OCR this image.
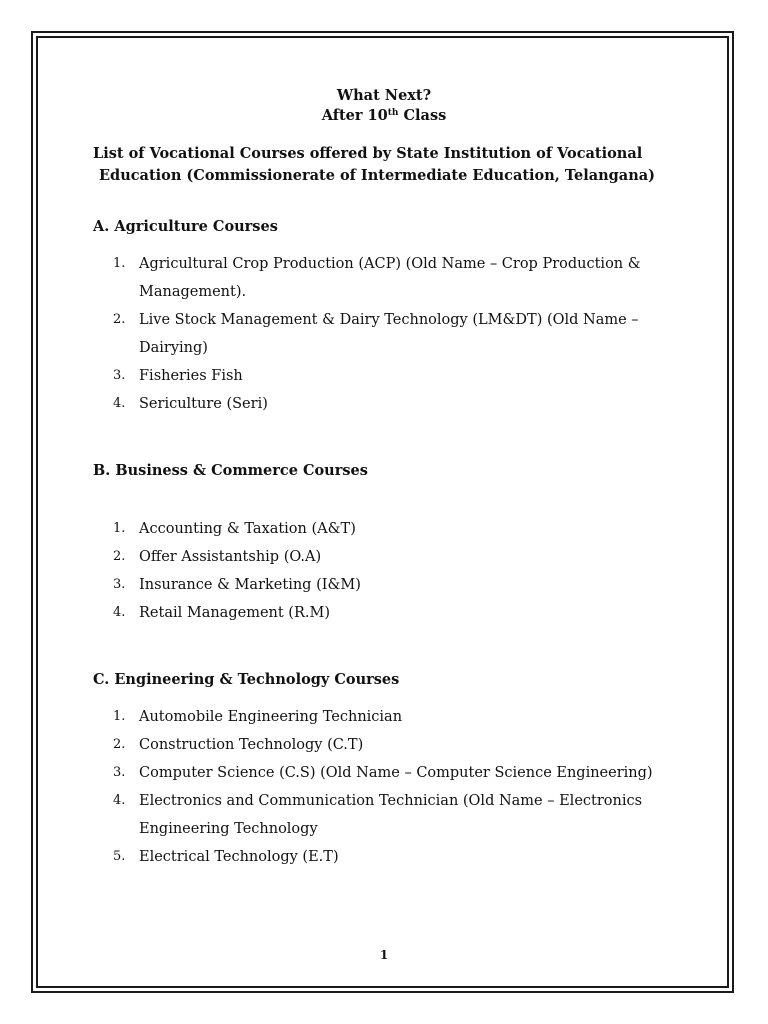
What Next?
After 10th Class
List of Vocational Courses offered by State Institution of Vocational
Education (Commissionerate of Intermediate Education, Telangana)
A. Agriculture Courses
1. Agricultural Crop Production (ACP) (Old Name – Crop Production &
Management).
2. Live Stock Management & Dairy Technology (LM&DT) (Old Name –
Dairying)
3. Fisheries Fish
4. Sericulture (Seri)
B. Business & Commerce Courses
1. Accounting & Taxation (A&T)
2. Offer Assistantship (O.A)
3. Insurance & Marketing (I&M)
4. Retail Management (R.M)
C. Engineering & Technology Courses
1. Automobile Engineering Technician
2. Construction Technology (C.T)
3. Computer Science (C.S) (Old Name – Computer Science Engineering)
4. Electronics and Communication Technician (Old Name – Electronics
Engineering Technology
5. Electrical Technology (E.T)
1
